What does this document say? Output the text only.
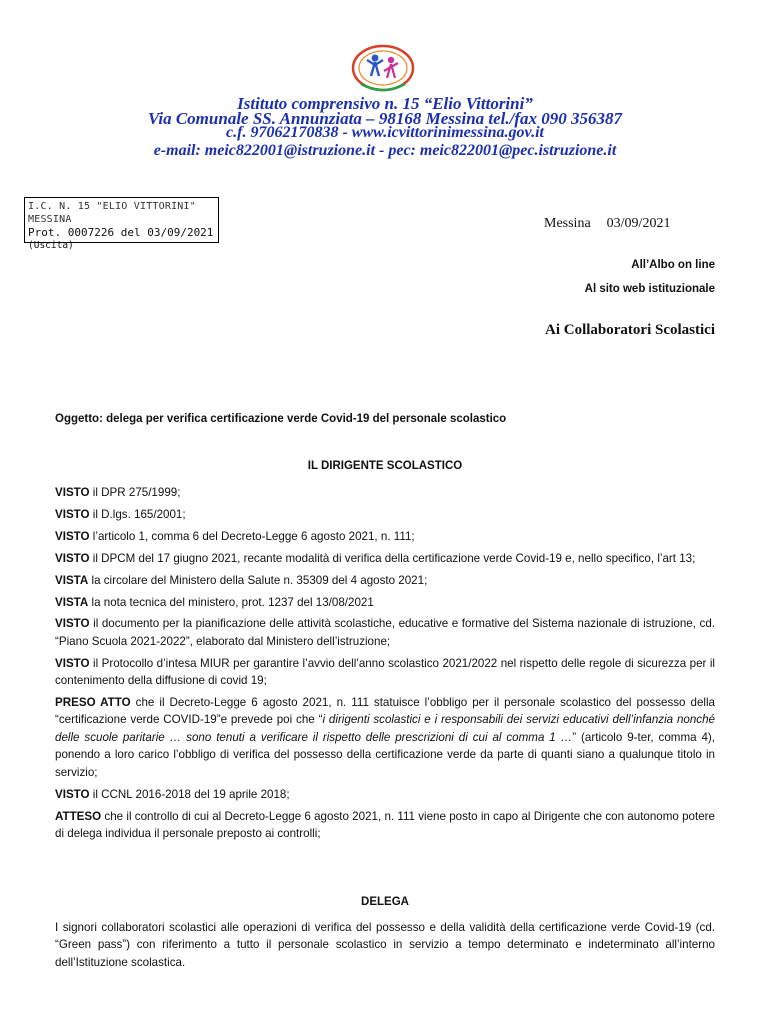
Istituto comprensivo n. 15 “Elio Vittorini”
Via Comunale SS. Annunziata – 98168 Messina tel./fax 090 356387
c.f. 97062170838 - www.icvittorinimessina.gov.it
e-mail: meic822001@istruzione.it - pec: meic822001@pec.istruzione.it
I.C. N. 15 "ELIO VITTORINI" MESSINA
Prot. 0007226 del 03/09/2021
(Uscita)
Messina 03/09/2021
All’Albo on line
Al sito web istituzionale
Ai Collaboratori Scolastici
Oggetto: delega per verifica certificazione verde Covid-19 del personale scolastico
IL DIRIGENTE SCOLASTICO

VISTO il DPR 275/1999;

VISTO il D.lgs. 165/2001;

VISTO l’articolo 1, comma 6 del Decreto-Legge 6 agosto 2021, n. 111;

VISTO il DPCM del 17 giugno 2021, recante modalità di verifica della certificazione verde Covid-19 e, nello specifico, l’art 13;

VISTA la circolare del Ministero della Salute n. 35309 del 4 agosto 2021;

VISTA la nota tecnica del ministero, prot. 1237 del 13/08/2021

VISTO il documento per la pianificazione delle attività scolastiche, educative e formative del Sistema nazionale di istruzione, cd. “Piano Scuola 2021-2022”, elaborato dal Ministero dell’istruzione;

VISTO il Protocollo d’intesa MIUR per garantire l’avvio dell’anno scolastico 2021/2022 nel rispetto delle regole di sicurezza per il contenimento della diffusione di covid 19;

PRESO ATTO che il Decreto-Legge 6 agosto 2021, n. 111 statuisce l’obbligo per il personale scolastico del possesso della “certificazione verde COVID-19”e prevede poi che “i dirigenti scolastici e i responsabili dei servizi educativi dell’infanzia nonché delle scuole paritarie … sono tenuti a verificare il rispetto delle prescrizioni di cui al comma 1 …” (articolo 9-ter, comma 4), ponendo a loro carico l’obbligo di verifica del possesso della certificazione verde da parte di quanti siano a qualunque titolo in servizio;

VISTO il CCNL 2016-2018 del 19 aprile 2018;

ATTESO che il controllo di cui al Decreto-Legge 6 agosto 2021, n. 111 viene posto in capo al Dirigente che con autonomo potere di delega individua il personale preposto ai controlli;

DELEGA
I signori collaboratori scolastici alle operazioni di verifica del possesso e della validità della certificazione verde Covid-19 (cd. “Green pass”) con riferimento a tutto il personale scolastico in servizio a tempo determinato e indeterminato all’interno dell’Istituzione scolastica.
